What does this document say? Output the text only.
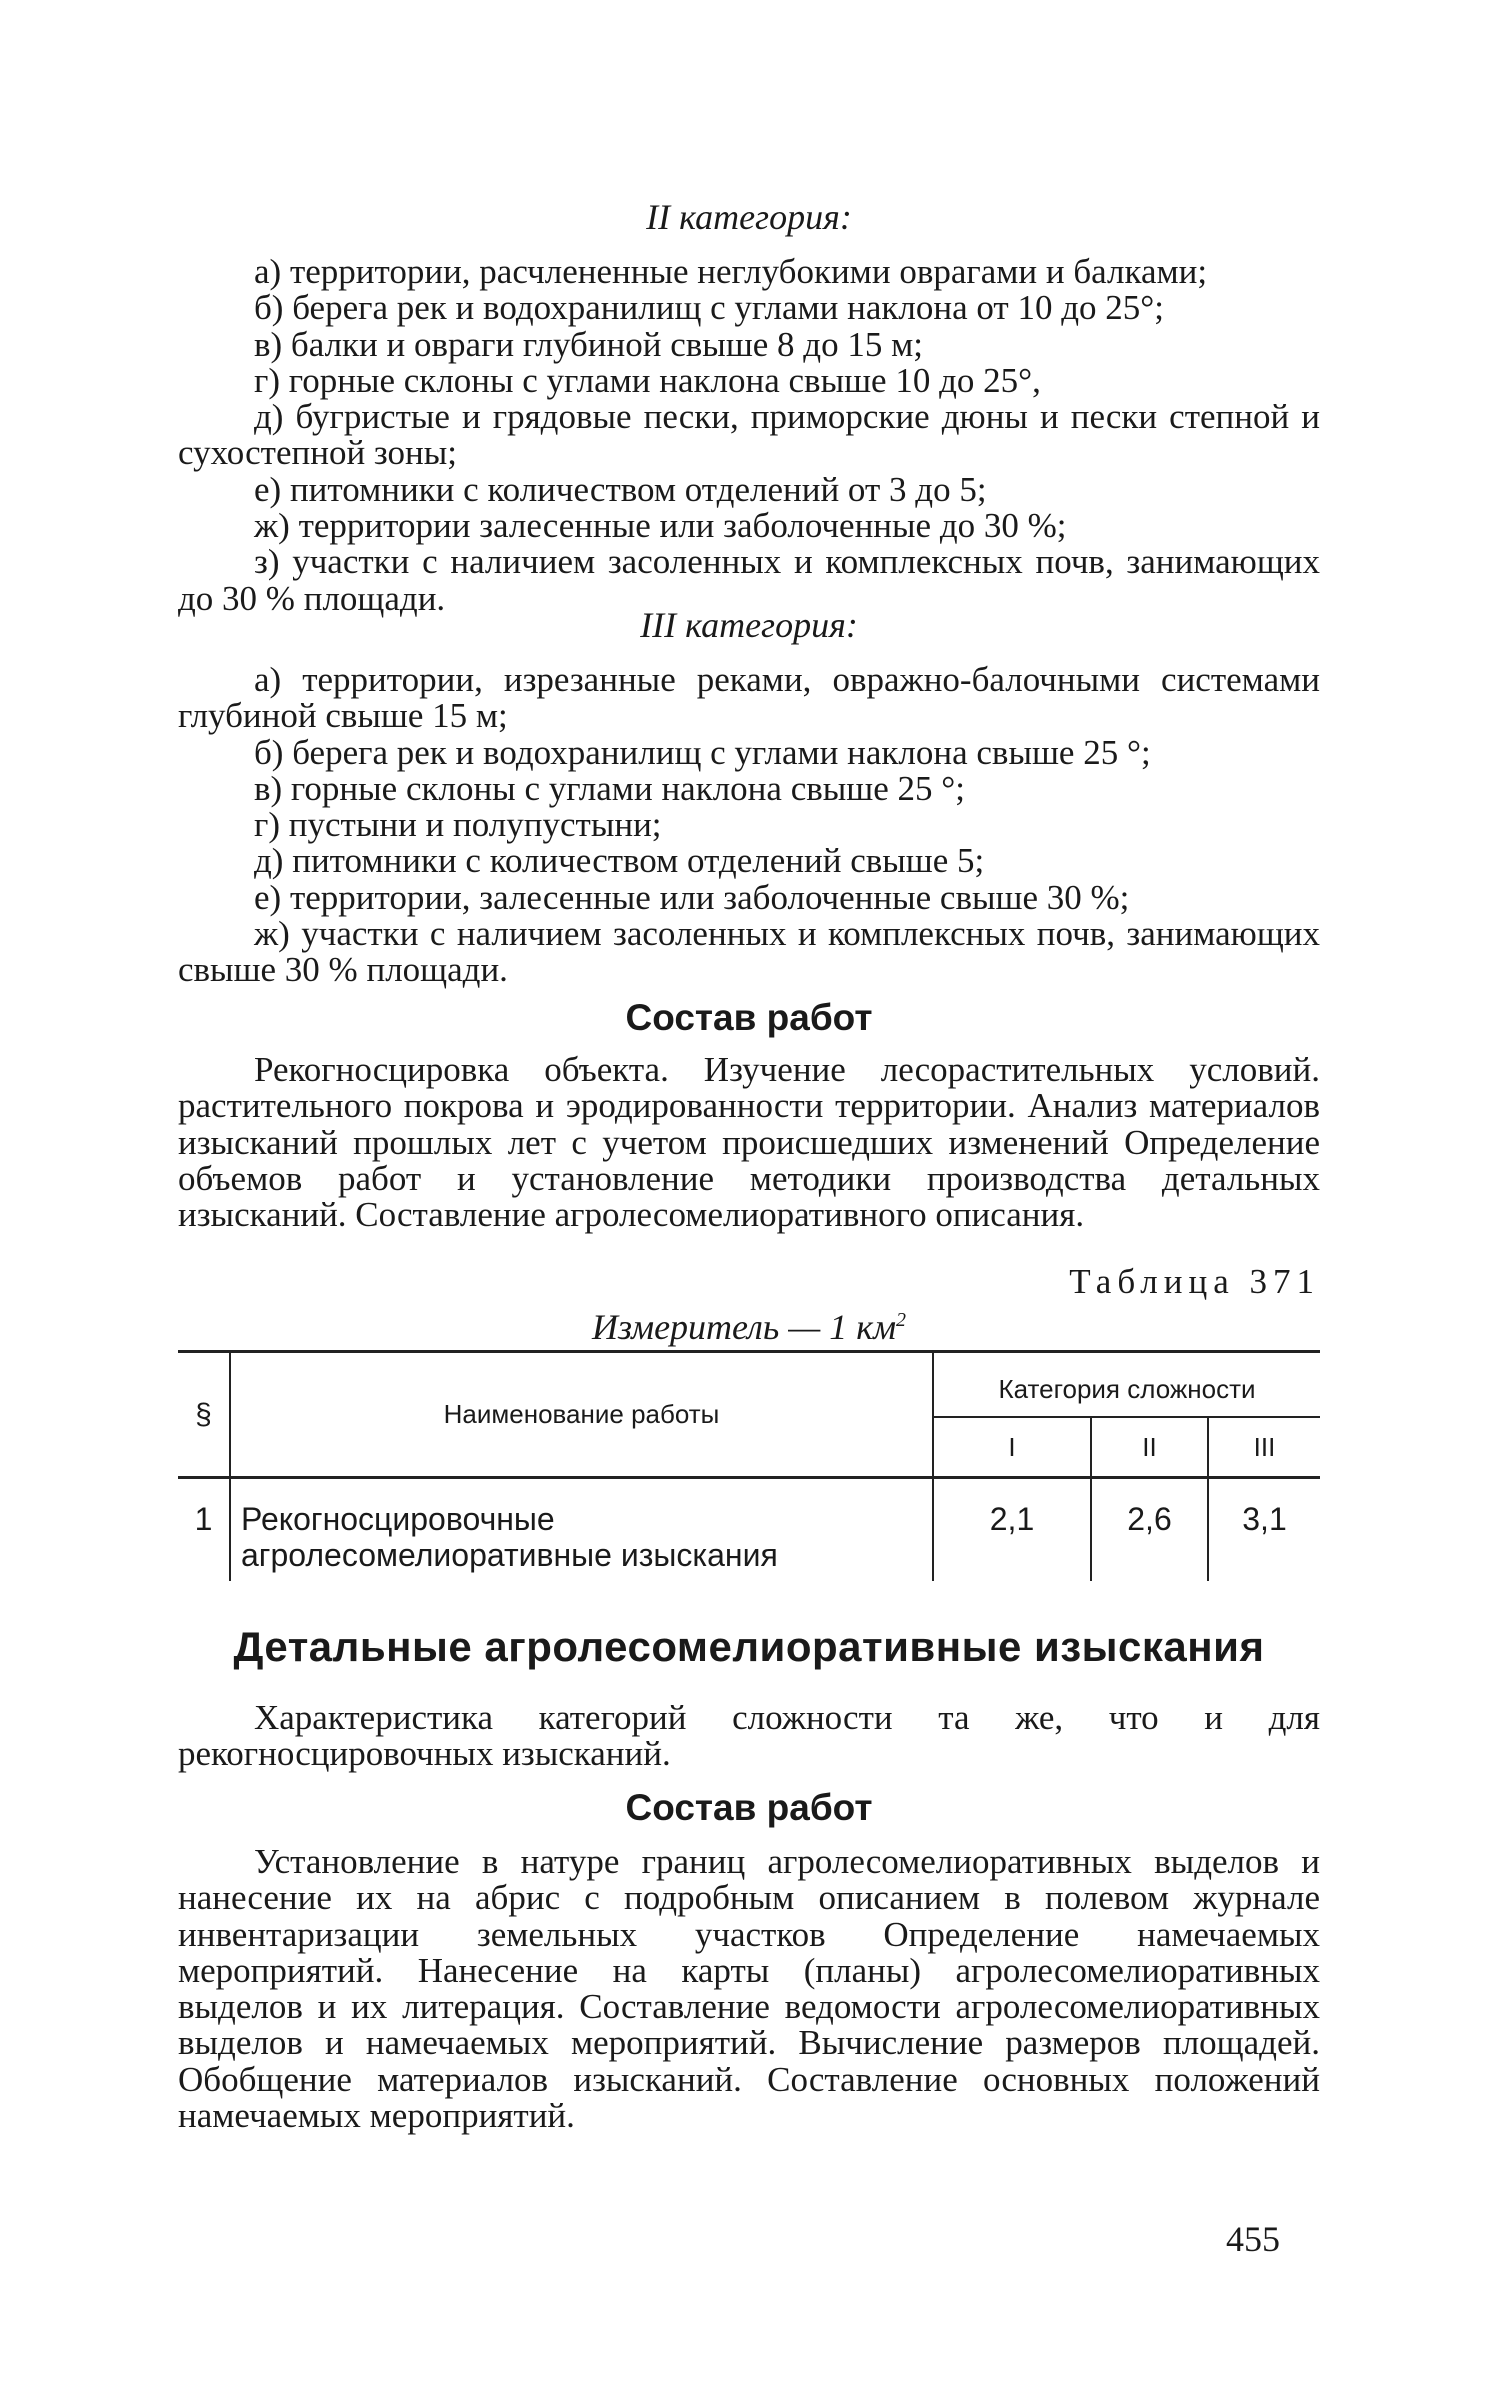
II категория:
а) территории, расчлененные неглубокими оврагами и балками;
б) берега рек и водохранилищ с углами наклона от 10 до 25°;
в) балки и овраги глубиной свыше 8 до 15 м;
г) горные склоны с углами наклона свыше 10 до 25°,
д) бугристые и грядовые пески, приморские дюны и пески степной и сухостепной зоны;
е) питомники с количеством отделений от 3 до 5;
ж) территории залесенные или заболоченные до 30 %;
з) участки с наличием засоленных и комплексных почв, занимающих до 30 % площади.
III категория:
а) территории, изрезанные реками, овражно-балочными системами глубиной свыше 15 м;
б) берега рек и водохранилищ с углами наклона свыше 25 °;
в) горные склоны с углами наклона свыше 25 °;
г) пустыни и полупустыни;
д) питомники с количеством отделений свыше 5;
е) территории, залесенные или заболоченные свыше 30 %;
ж) участки с наличием засоленных и комплексных почв, занимающих свыше 30 % площади.
Состав работ
Рекогносцировка объекта. Изучение лесорастительных условий. растительного покрова и эродированности территории. Анализ материалов изысканий прошлых лет с учетом происшедших изменений Определение объемов работ и установление методики производства детальных изысканий. Составление агролесомелиоративного описания.
Таблица 371
Измеритель — 1 $км^2$
§	Наименование работы	Категория сложности		
		I	II	III
1	Рекогносцировочные агролесомелиоративные изыскания	2,1	2,6	3,1
Детальные агролесомелиоративные изыскания
Характеристика категорий сложности та же, что и для рекогносцировочных изысканий.
Состав работ
Установление в натуре границ агролесомелиоративных выделов и нанесение их на абрис с подробным описанием в полевом журнале инвентаризации земельных участков Определение намечаемых мероприятий. Нанесение на карты (планы) агролесомелиоративных выделов и их литерация. Составление ведомости агролесомелиоративных выделов и намечаемых мероприятий. Вычисление размеров площадей. Обобщение материалов изысканий. Составление основных положений намечаемых мероприятий.
455
